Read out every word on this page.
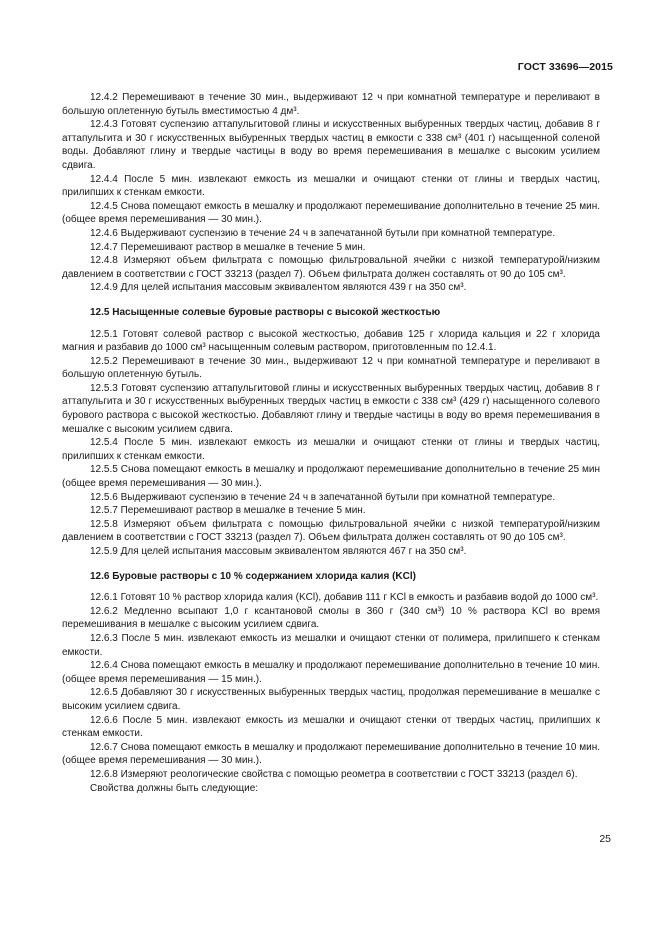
ГОСТ 33696—2015

12.4.2 Перемешивают в течение 30 мин., выдерживают 12 ч при комнатной температуре и переливают в большую оплетенную бутыль вместимостью 4 дм³.

12.4.3 Готовят суспензию аттапульгитовой глины и искусственных выбуренных твердых частиц, добавив 8 г аттапульгита и 30 г искусственных выбуренных твердых частиц в емкости с 338 см³ (401 г) насыщенной соленой воды. Добавляют глину и твердые частицы в воду во время перемешивания в мешалке с высоким усилием сдвига.

12.4.4 После 5 мин. извлекают емкость из мешалки и очищают стенки от глины и твердых частиц, прилипших к стенкам емкости.

12.4.5 Снова помещают емкость в мешалку и продолжают перемешивание дополнительно в течение 25 мин. (общее время перемешивания — 30 мин.).

12.4.6 Выдерживают суспензию в течение 24 ч в запечатанной бутыли при комнатной температуре.

12.4.7 Перемешивают раствор в мешалке в течение 5 мин.

12.4.8 Измеряют объем фильтрата с помощью фильтровальной ячейки с низкой температурой/низким давлением в соответствии с ГОСТ 33213 (раздел 7). Объем фильтрата должен составлять от 90 до 105 см³.

12.4.9 Для целей испытания массовым эквивалентом являются 439 г на 350 см³.

12.5 Насыщенные солевые буровые растворы с высокой жесткостью

12.5.1 Готовят солевой раствор с высокой жесткостью, добавив 125 г хлорида кальция и 22 г хлорида магния и разбавив до 1000 см³ насыщенным солевым раствором, приготовленным по 12.4.1.

12.5.2 Перемешивают в течение 30 мин., выдерживают 12 ч при комнатной температуре и переливают в большую оплетенную бутыль.

12.5.3 Готовят суспензию аттапульгитовой глины и искусственных выбуренных твердых частиц, добавив 8 г аттапульгита и 30 г искусственных выбуренных твердых частиц в емкости с 338 см³ (429 г) насыщенного солевого бурового раствора с высокой жесткостью. Добавляют глину и твердые частицы в воду во время перемешивания в мешалке с высоким усилием сдвига.

12.5.4 После 5 мин. извлекают емкость из мешалки и очищают стенки от глины и твердых частиц, прилипших к стенкам емкости.

12.5.5 Снова помещают емкость в мешалку и продолжают перемешивание дополнительно в течение 25 мин (общее время перемешивания — 30 мин.).

12.5.6 Выдерживают суспензию в течение 24 ч в запечатанной бутыли при комнатной температуре.

12.5.7 Перемешивают раствор в мешалке в течение 5 мин.

12.5.8 Измеряют объем фильтрата с помощью фильтровальной ячейки с низкой температурой/низким давлением в соответствии с ГОСТ 33213 (раздел 7). Объем фильтрата должен составлять от 90 до 105 см³.

12.5.9 Для целей испытания массовым эквивалентом являются 467 г на 350 см³.

12.6 Буровые растворы с 10 % содержанием хлорида калия (KCl)

12.6.1 Готовят 10 % раствор хлорида калия (KCl), добавив 111 г KCl в емкость и разбавив водой до 1000 см³.

12.6.2 Медленно всыпают 1,0 г ксантановой смолы в 360 г (340 см³) 10 % раствора KCl во время перемешивания в мешалке с высоким усилием сдвига.

12.6.3 После 5 мин. извлекают емкость из мешалки и очищают стенки от полимера, прилипшего к стенкам емкости.

12.6.4 Снова помещают емкость в мешалку и продолжают перемешивание дополнительно в течение 10 мин. (общее время перемешивания — 15 мин.).

12.6.5 Добавляют 30 г искусственных выбуренных твердых частиц, продолжая перемешивание в мешалке с высоким усилием сдвига.

12.6.6 После 5 мин. извлекают емкость из мешалки и очищают стенки от твердых частиц, прилипших к стенкам емкости.

12.6.7 Снова помещают емкость в мешалку и продолжают перемешивание дополнительно в течение 10 мин. (общее время перемешивания — 30 мин.).

12.6.8 Измеряют реологические свойства с помощью реометра в соответствии с ГОСТ 33213 (раздел 6).

Свойства должны быть следующие:

25
